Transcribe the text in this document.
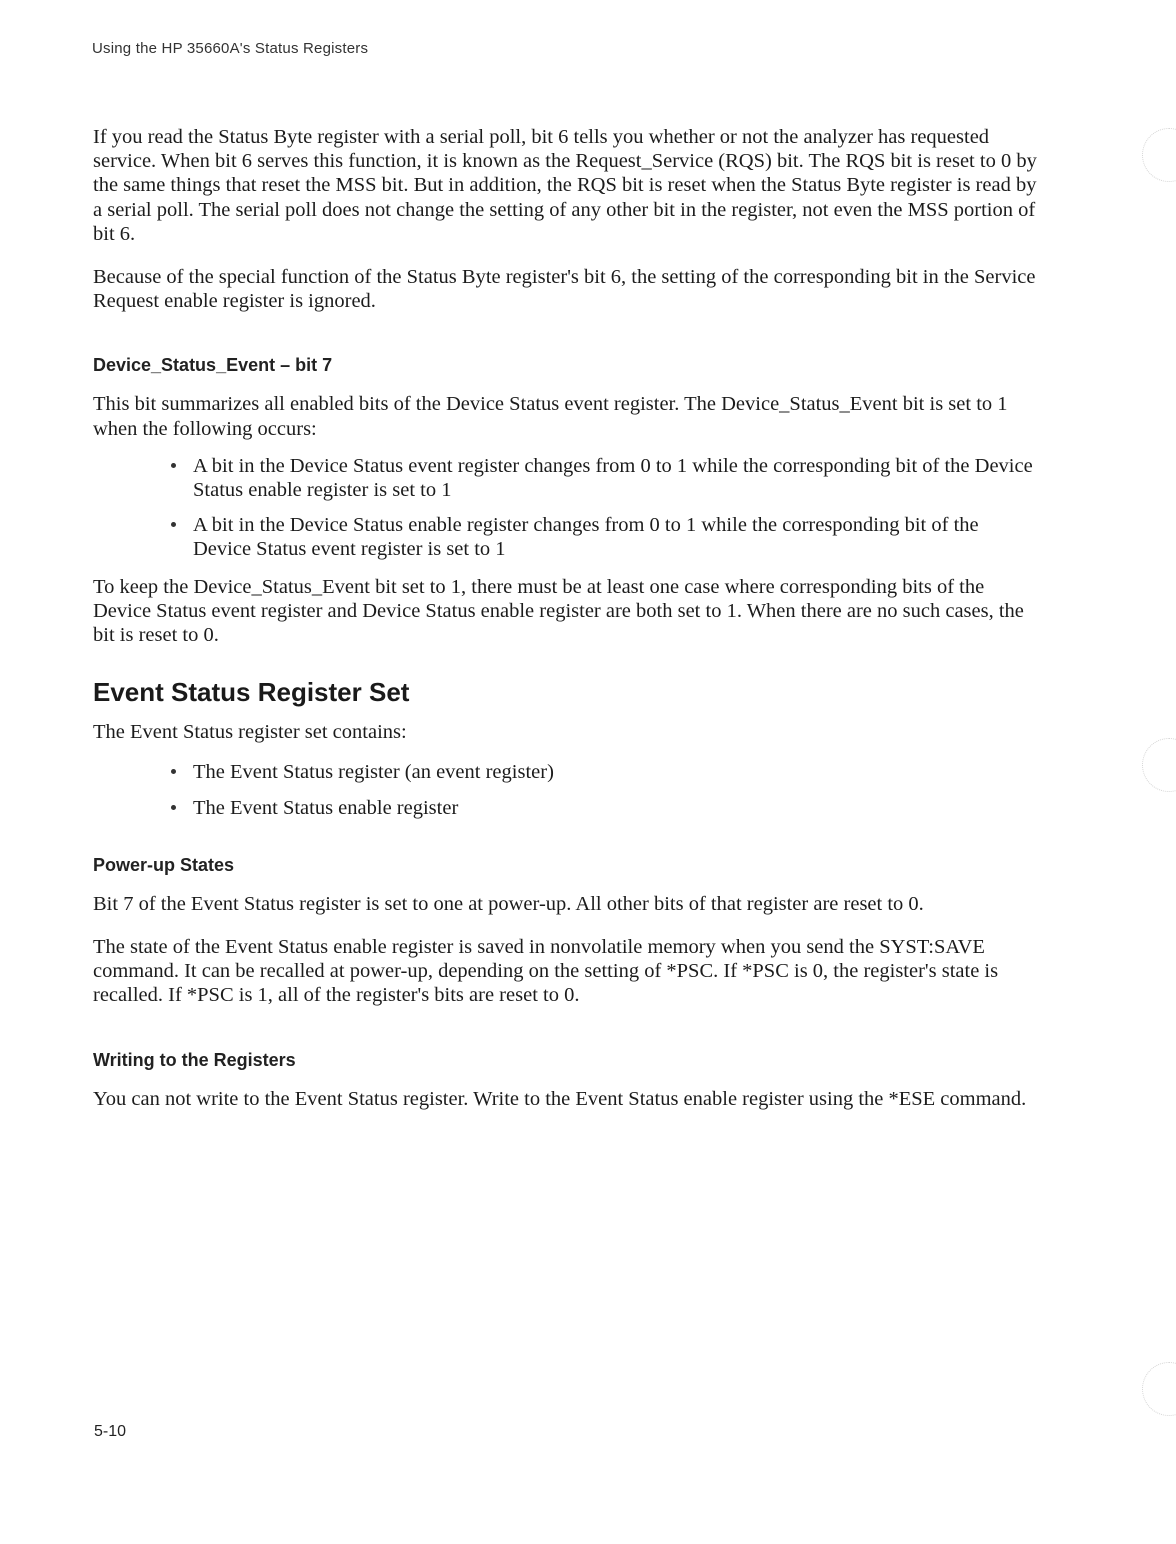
Using the HP 35660A's Status Registers

If you read the Status Byte register with a serial poll, bit 6 tells you whether or not the analyzer has requested service. When bit 6 serves this function, it is known as the Request_Service (RQS) bit. The RQS bit is reset to 0 by the same things that reset the MSS bit. But in addition, the RQS bit is reset when the Status Byte register is read by a serial poll. The serial poll does not change the setting of any other bit in the register, not even the MSS portion of bit 6.

Because of the special function of the Status Byte register's bit 6, the setting of the corresponding bit in the Service Request enable register is ignored.

Device_Status_Event – bit 7

This bit summarizes all enabled bits of the Device Status event register. The Device_Status_Event bit is set to 1 when the following occurs:

A bit in the Device Status event register changes from 0 to 1 while the corresponding bit of the Device Status enable register is set to 1
A bit in the Device Status enable register changes from 0 to 1 while the corresponding bit of the Device Status event register is set to 1

To keep the Device_Status_Event bit set to 1, there must be at least one case where corresponding bits of the Device Status event register and Device Status enable register are both set to 1. When there are no such cases, the bit is reset to 0.

Event Status Register Set

The Event Status register set contains:

The Event Status register (an event register)
The Event Status enable register
Power-up States

Bit 7 of the Event Status register is set to one at power-up. All other bits of that register are reset to 0.

The state of the Event Status enable register is saved in nonvolatile memory when you send the SYST:SAVE command. It can be recalled at power-up, depending on the setting of *PSC. If *PSC is 0, the register's state is recalled. If *PSC is 1, all of the register's bits are reset to 0.

Writing to the Registers

You can not write to the Event Status register. Write to the Event Status enable register using the *ESE command.

5-10
